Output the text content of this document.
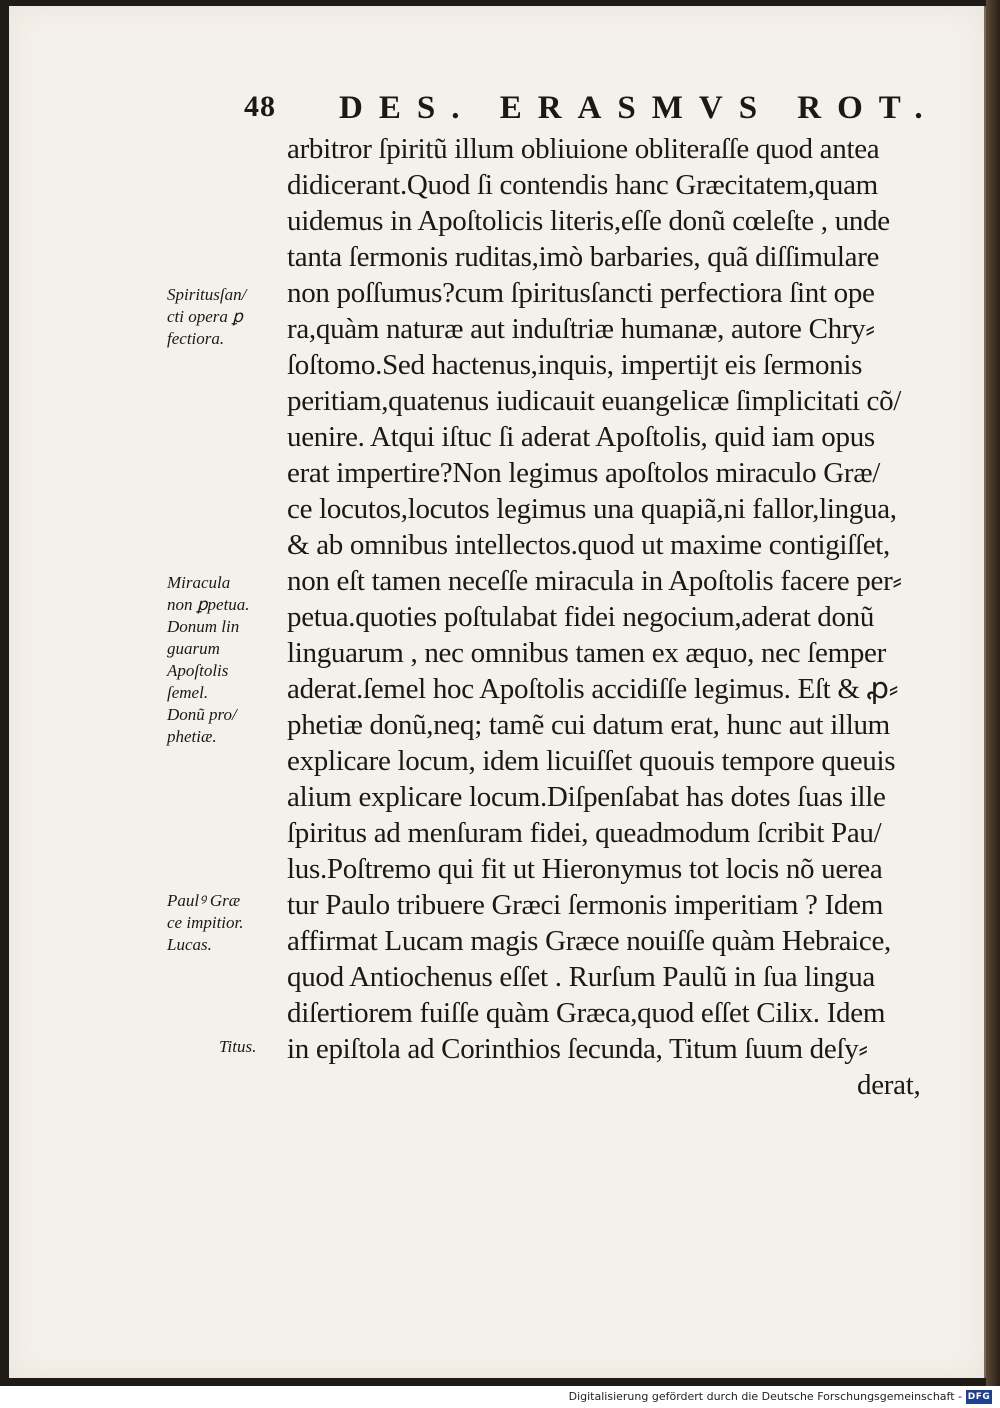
48 DES. ERASMVS ROT.
arbitror ſpiritũ illum obliuione obliteraſſe quod antea
didicerant.Quod ſi contendis hanc Græcitatem,quam
uidemus in Apoſtolicis literis,eſſe donũ cœleſte , unde
tanta ſermonis ruditas,imò barbaries, quã diſſimulare
non poſſumus?cum ſpiritusſancti perfectiora ſint ope
ra,quàm naturæ aut induſtriæ humanæ, autore Chry⸗
ſoſtomo.Sed hactenus,inquis, impertijt eis ſermonis
peritiam,quatenus iudicauit euangelicæ ſimplicitati cõ/
uenire. Atqui iſtuc ſi aderat Apoſtolis, quid iam opus
erat impertire?Non legimus apoſtolos miraculo Græ/
ce locutos,locutos legimus una quapiã,ni fallor,lingua,
& ab omnibus intellectos.quod ut maxime contigiſſet,
non eſt tamen neceſſe miracula in Apoſtolis facere per⸗
petua.quoties poſtulabat fidei negocium,aderat donũ
linguarum , nec omnibus tamen ex æquo, nec ſemper
aderat.ſemel hoc Apoſtolis accidiſſe legimus. Eſt & ꝓ⸗
phetiæ donũ,neq; tamẽ cui datum erat, hunc aut illum
explicare locum, idem licuiſſet quouis tempore queuis
alium explicare locum.Diſpenſabat has dotes ſuas ille
ſpiritus ad menſuram fidei, queadmodum ſcribit Pau/
lus.Poſtremo qui fit ut Hieronymus tot locis nõ uerea
tur Paulo tribuere Græci ſermonis imperitiam ? Idem
affirmat Lucam magis Græce nouiſſe quàm Hebraice,
quod Antiochenus eſſet . Rurſum Paulũ in ſua lingua
diſertiorem fuiſſe quàm Græca,quod eſſet Cilix. Idem
in epiſtola ad Corinthios ſecunda, Titum ſuum deſy⸗
derat,
Spiritusſan/
cti opera ꝑ
fectiora.
Miracula
non ꝑpetua.
Donum lin
guarum
Apoſtolis
ſemel.
Donũ pro/
phetiæ.
Paulꝰ Græ
ce impitior.
Lucas.
Titus.
Digitalisierung gefördert durch die Deutsche Forschungsgemeinschaft - DFG
